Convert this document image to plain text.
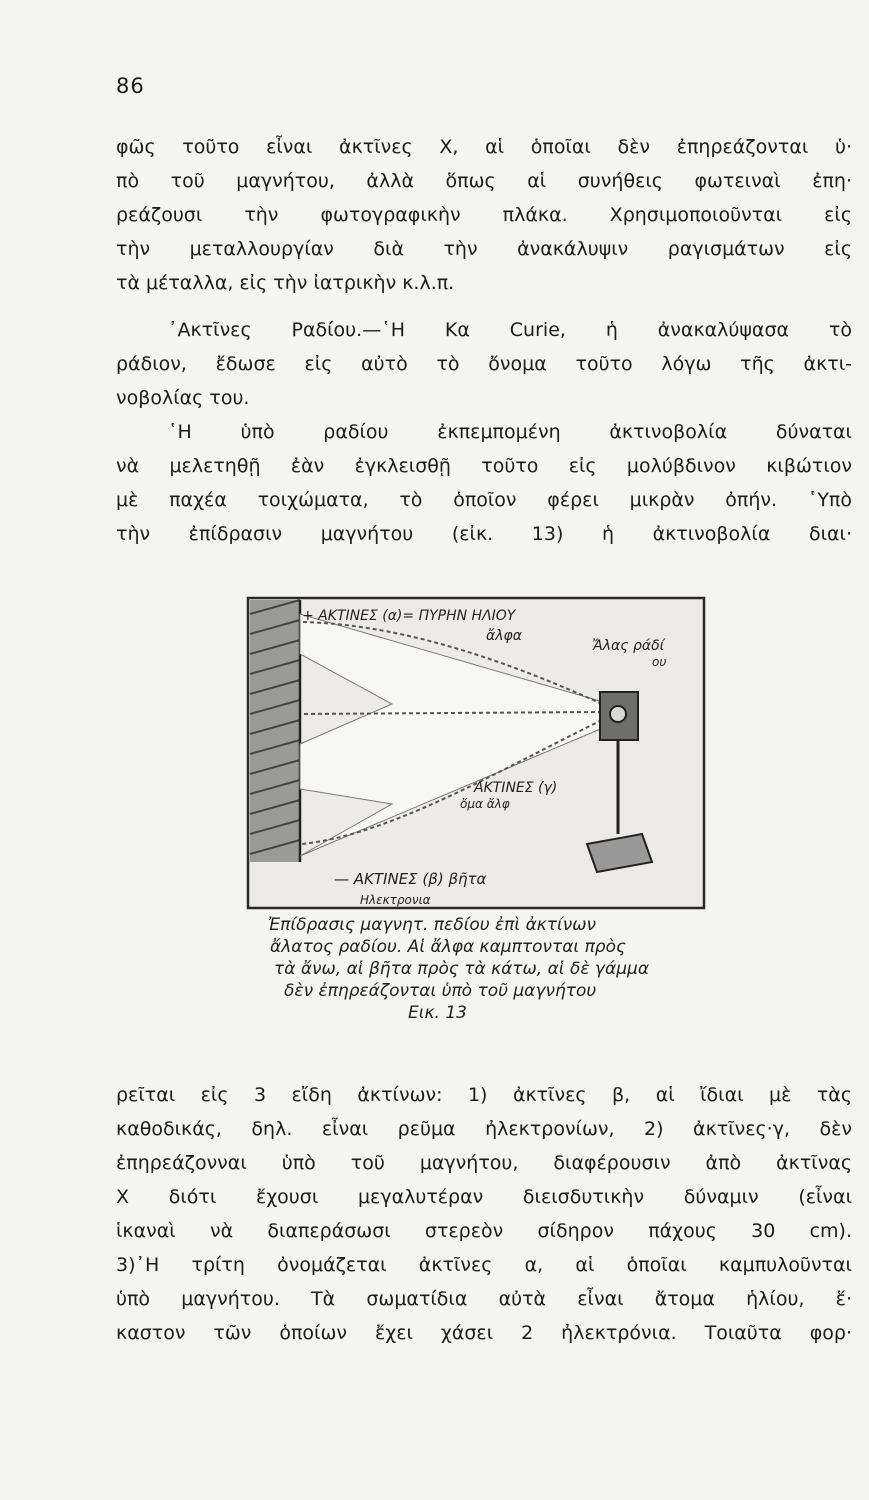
86
φῶς τοῦτο εἶναι ἀκτῖνες X, αἱ ὁποῖαι δὲν ἐπηρεάζονται ὑ·
πὸ τοῦ μαγνήτου, ἀλλὰ ὅπως αἱ συνήθεις φωτειναὶ ἐπη·
ρεάζουσι τὴν φωτογραφικὴν πλάκα. Χρησιμοποιοῦνται εἰς
τὴν μεταλλουργίαν διὰ τὴν ἀνακάλυψιν ραγισμάτων εἰς
τὰ μέταλλα, εἰς τὴν ἰατρικὴν κ.λ.π.
᾿Ακτῖνες Ραδίου.—῾Η Κα Curie, ἡ ἀνακαλύψασα τὸ
ράδιον, ἔδωσε εἰς αὐτὸ τὸ ὄνομα τοῦτο λόγω τῆς ἀκτι-
νοβολίας του.
῾Η ὑπὸ ραδίου ἐκπεμπομένη ἀκτινοβολία δύναται
νὰ μελετηθῇ ἐὰν ἐγκλεισθῇ τοῦτο εἰς μολύβδινον κιβώτιον
μὲ παχέα τοιχώματα, τὸ ὁποῖον φέρει μικρὰν ὀπήν. ῾Υπὸ
τὴν ἐπίδρασιν μαγνήτου (εἰκ. 13) ἡ ἀκτινοβολία διαι·
+ ΑΚΤΙΝΕΣ (α)= ΠΥΡΗΝ ΗΛΙΟΥ
ἄλφα
Ἄλας ράδί
ου
ΑΚΤΙΝΕΣ (γ)
ὄμα ἄλφ
— ΑΚΤΙΝΕΣ (β) βῆτα
Ηλεκτρονια
Ἐπίδρασις μαγνητ. πεδίου ἐπὶ ἀκτίνων
ἄλατος ραδίου. Αἱ ἄλφα καμπτονται πρὸς
τὰ ἄνω, αἱ βῆτα πρὸς τὰ κάτω, αἱ δὲ γάμμα
δὲν ἐπηρεάζονται ὑπὸ τοῦ μαγνήτου
Εικ. 13
ρεῖται εἰς 3 εἴδη ἀκτίνων: 1) ἀκτῖνες β, αἱ ἴδιαι μὲ τὰς
καθοδικάς, δηλ. εἶναι ρεῦμα ἠλεκτρονίων, 2) ἀκτῖνες·γ, δὲν
ἐπηρεάζονναι ὑπὸ τοῦ μαγνήτου, διαφέρουσιν ἀπὸ ἀκτῖνας
X διότι ἔχουσι μεγαλυτέραν διεισδυτικὴν δύναμιν (εἶναι
ἱκαναὶ νὰ διαπεράσωσι στερεὸν σίδηρον πάχους 30 cm).
3)᾿Η τρίτη ὀνομάζεται ἀκτῖνες α, αἱ ὁποῖαι καμπυλοῦνται
ὑπὸ μαγνήτου. Τὰ σωματίδια αὐτὰ εἶναι ἄτομα ἡλίου, ἕ·
καστον τῶν ὁποίων ἔχει χάσει 2 ἠλεκτρόνια. Τοιαῦτα φορ·
